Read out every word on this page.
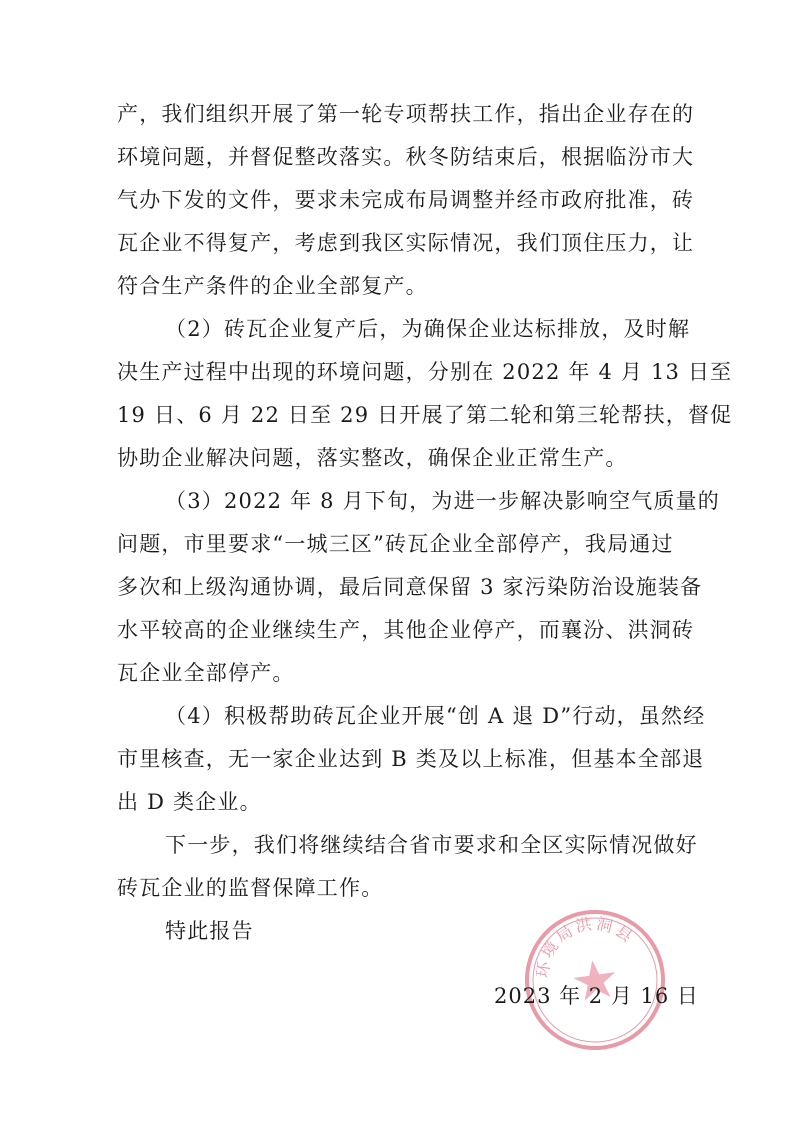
产，我们组织开展了第一轮专项帮扶工作，指出企业存在的
环境问题，并督促整改落实。秋冬防结束后，根据临汾市大
气办下发的文件，要求未完成布局调整并经市政府批准，砖
瓦企业不得复产，考虑到我区实际情况，我们顶住压力，让
符合生产条件的企业全部复产。
（2）砖瓦企业复产后，为确保企业达标排放，及时解
决生产过程中出现的环境问题，分别在 2022 年 4 月 13 日至
19 日、6 月 22 日至 29 日开展了第二轮和第三轮帮扶，督促
协助企业解决问题，落实整改，确保企业正常生产。
（3）2022 年 8 月下旬，为进一步解决影响空气质量的
问题，市里要求“一城三区”砖瓦企业全部停产，我局通过
多次和上级沟通协调，最后同意保留 3 家污染防治设施装备
水平较高的企业继续生产，其他企业停产，而襄汾、洪洞砖
瓦企业全部停产。
（4）积极帮助砖瓦企业开展“创 A 退 D”行动，虽然经
市里核查，无一家企业达到 B 类及以上标准，但基本全部退
出 D 类企业。
下一步，我们将继续结合省市要求和全区实际情况做好
砖瓦企业的监督保障工作。
特此报告
环境局洪洞县
2023 年 2 月 16 日
